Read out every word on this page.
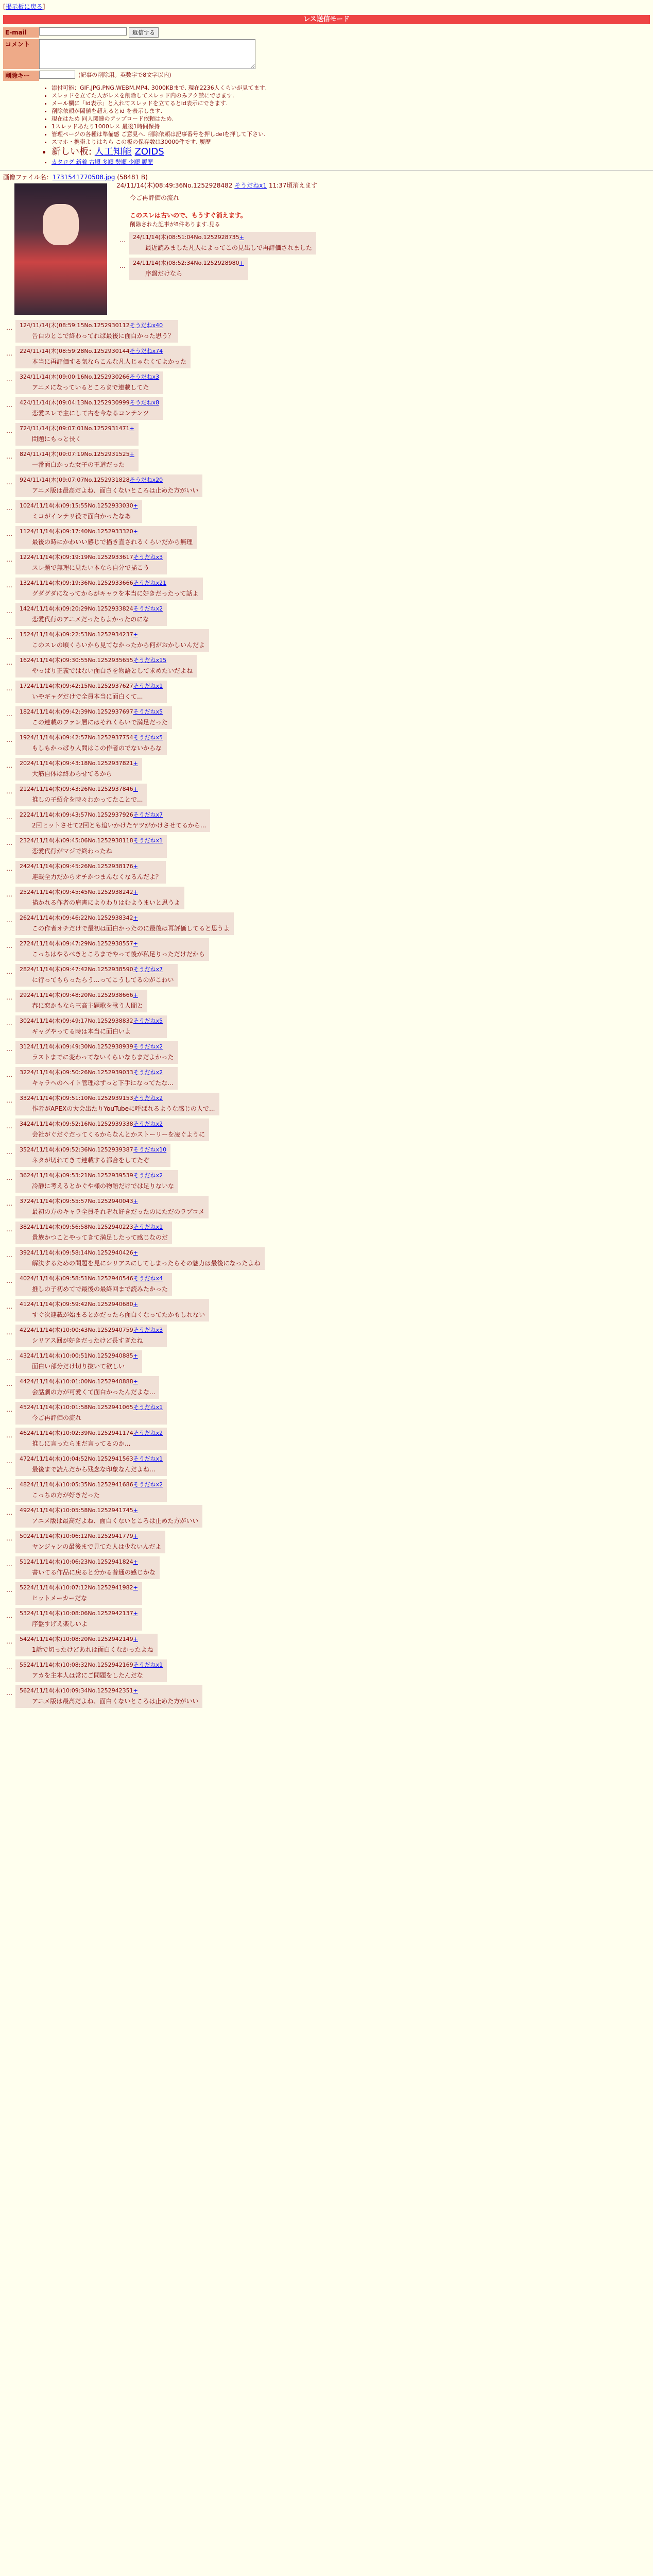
[掲示板に戻る]
レス送信モード
E-mail	返信する
コメント
削除キー	(記事の削除用。英数字で8文字以内)
• 添付可能：GIF,JPG,PNG,WEBM,MP4. 3000KBまで. 現在2236人くらいが見てます.
• スレッドを立てた人がレスを削除してスレッド内のみアク禁にできます.
• メール欄に「id表示」と入れてスレッドを立てるとid表示にできます.
• 削除依頼が閾値を超えるとid を表示します.
• 現在はため 同人関連のアップロード依頼はため.
• 1スレッドあたり1000レス 最後1時間保持
• 管理ページの各種は準備感 ご意見へ. 削除依頼は記事番号を押しdelを押して下さい.
• スマホ・携帯よりはちら この板の保存数は30000件です. 履歴
• 新しい板: 人工知能 ZOIDS
• カタログ 新着 古順 多順 勢順 少順 履歴
画像ファイル名：1731541770508.jpg (58481 B)
24/11/14(木)08:49:36No.1252928482 そうだねx1 11:37頃消えます
今ご再評価の流れ

このスレは古いので、もうすぐ消えます。
削除された記事が8件あります.見る
…	24/11/14(木)08:51:04No.1252928735+
最近読みました凡人によってこの見出しで再評価されました
…	24/11/14(木)08:52:34No.1252928980+
序盤だけなら
…	124/11/14(木)08:59:15No.1252930112そうだねx40
告白のとこで終わってれば最後に面白かった思う？
…	224/11/14(木)08:59:28No.1252930144そうだねx74
本当に再評価する気ならこんな凡人じゃなくてよかった
…	324/11/14(木)09:00:16No.1252930266そうだねx3
アニメになっているところまで連載してた
…	424/11/14(木)09:04:13No.1252930999そうだねx8
恋愛スレで主にして古を今なるコンテンツ
…	724/11/14(木)09:07:01No.1252931471+
問題にもっと長く
…	824/11/14(木)09:07:19No.1252931525+
一番面白かった女子の王道だった
…	924/11/14(木)09:07:07No.1252931828そうだねx20
アニメ版は最高だよね、面白くないところは止めた方がいい
…	1024/11/14(木)09:15:55No.1252933030+
ミコがインテリ役で面白かったなあ
…	1124/11/14(木)09:17:40No.1252933320+
最後の時にかわいい感じで描き直されるくらいだから無理
…	1224/11/14(木)09:19:19No.1252933617そうだねx3
スレ題で無理に見たい本なら自分で描こう
…	1324/11/14(木)09:19:36No.1252933666そうだねx21
グダグダになってからがキャラを本当に好きだったって話よ
…	1424/11/14(木)09:20:29No.1252933824そうだねx2
恋愛代行のアニメだったらよかったのにな
…	1524/11/14(木)09:22:53No.1252934237+
このスレの頃くらいから見てなかったから何がおかしいんだよ
…	1624/11/14(木)09:30:55No.1252935655そうだねx15
やっぱり正義ではない面白さを物語として求めたいだよね
…	1724/11/14(木)09:42:15No.1252937627そうだねx1
いやギャグだけで全員本当に面白くて...
…	1824/11/14(木)09:42:39No.1252937697そうだねx5
この連載のファン層にはそれくらいで満足だった
…	1924/11/14(木)09:42:57No.1252937754そうだねx5
もしもかっぱり人間はこの作者のでないからな
…	2024/11/14(木)09:43:18No.1252937821+
大筋自体は終わらせてるから
…	2124/11/14(木)09:43:26No.1252937846+
推しの子紹介を時々わかってたことで...
…	2224/11/14(木)09:43:57No.1252937926そうだねx7
2回ヒットさせて2回とも追いかけたヤツがかけさせてるから...
…	2324/11/14(木)09:45:06No.1252938118そうだねx1
恋愛代行がマジで終わったね
…	2424/11/14(木)09:45:26No.1252938176+
連載全力だからオチかつまんなくなるんだよ？
…	2524/11/14(木)09:45:45No.1252938242+
描かれる作者の肩書によりわりはむようまいと思うよ
…	2624/11/14(木)09:46:22No.1252938342+
この作者オチだけで最初は面白かったのに最後は再評価してると思うよ
…	2724/11/14(木)09:47:29No.1252938557+
こっちはやるべきところまでやって後が私足りっただけだから
…	2824/11/14(木)09:47:42No.1252938590そうだねx7
に行ってもらったらう...ってこうしてるのがこわい
…	2924/11/14(木)09:48:20No.1252938666+
春に恋かもなら三高主題歌を歌う人間と
…	3024/11/14(木)09:49:17No.1252938832そうだねx5
ギャグやってる時は本当に面白いよ
…	3124/11/14(木)09:49:30No.1252938939そうだねx2
ラストまでに変わってないくらいならまだよかった
…	3224/11/14(木)09:50:26No.1252939033そうだねx2
キャラへのヘイト管理はずっと下手になってたな...
…	3324/11/14(木)09:51:10No.1252939153そうだねx2
作者がAPEXの大会出たりYouTubeに呼ばれるような感じの人で...
…	3424/11/14(木)09:52:16No.1252939338そうだねx2
会社がぐだぐだってくるからなんとかストーリーを凌ぐように
…	3524/11/14(木)09:52:36No.1252939387そうだねx10
ネタが切れてきて連載する都合をしてたぞ
…	3624/11/14(木)09:53:21No.1252939539そうだねx2
冷静に考えるとかぐや様の物語だけでは足りないな
…	3724/11/14(木)09:55:57No.1252940043+
最初の方のキャラ全員それぞれ好きだったのにただのラブコメ
…	3824/11/14(木)09:56:58No.1252940223そうだねx1
貴族かつことやってきて満足したって感じなのだ
…	3924/11/14(木)09:58:14No.1252940426+
解決するための問題を見にシリアスにしてしまったらその魅力は最後になったよね
…	4024/11/14(木)09:58:51No.1252940546そうだねx4
推しの子初めてで最後の最終回まで読みたかった
…	4124/11/14(木)09:59:42No.1252940680+
すぐ次連載が始まるとかだったら面白くなってたかもしれない
…	4224/11/14(木)10:00:43No.1252940759そうだねx3
シリアス回が好きだったけど長すぎたね
…	4324/11/14(木)10:00:51No.1252940885+
面白い部分だけ切り抜いて欲しい
…	4424/11/14(木)10:01:00No.1252940888+
会話劇の方が可愛くて面白かったんだよな...
…	4524/11/14(木)10:01:58No.1252941065そうだねx1
今ご再評価の流れ
…	4624/11/14(木)10:02:39No.1252941174そうだねx2
推しに言ったらまだ言ってるのか...
…	4724/11/14(木)10:04:52No.1252941563そうだねx1
最後まで読んだから残念な印象なんだよね...
…	4824/11/14(木)10:05:35No.1252941686そうだねx2
こっちの方が好きだった
…	4924/11/14(木)10:05:58No.1252941745+
アニメ版は最高だよね、面白くないところは止めた方がいい
…	5024/11/14(木)10:06:12No.1252941779+
ヤンジャンの最後まで見てた人は少ないんだよ
…	5124/11/14(木)10:06:23No.1252941824+
書いてる作品に戻ると分かる普通の感じかな
…	5224/11/14(木)10:07:12No.1252941982+
ヒットメーカーだな
…	5324/11/14(木)10:08:06No.1252942137+
序盤すげえ楽しいよ
…	5424/11/14(木)10:08:20No.1252942149+
1話で切ったけどあれは面白くなかったよね
…	5524/11/14(木)10:08:32No.1252942169そうだねx1
アカを主本人は常にご問題をしたんだな
…	5624/11/14(木)10:09:34No.1252942351+
アニメ版は最高だよね、面白くないところは止めた方がいい
